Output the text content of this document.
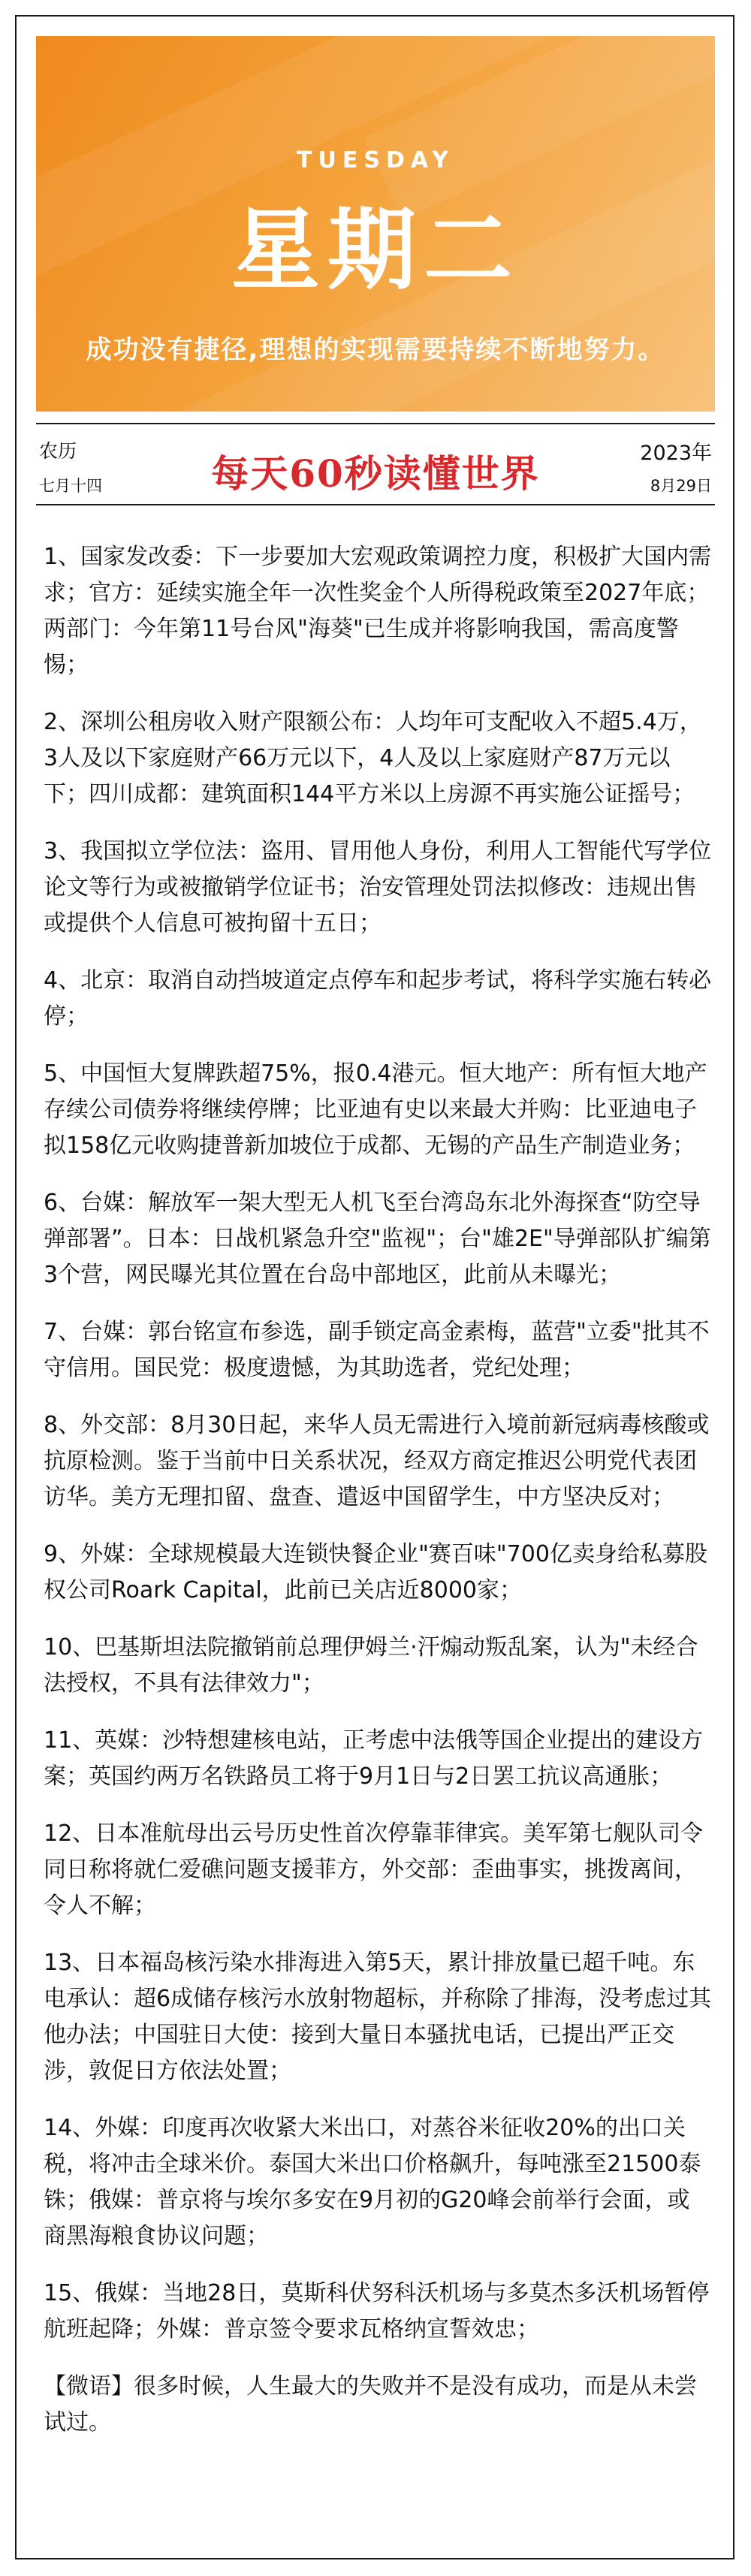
TUESDAY
星期二
成功没有捷径,理想的实现需要持续不断地努力。
农历
七月十四	每天60秒读懂世界	2023年
8月29日

1、国家发改委：下一步要加大宏观政策调控力度，积极扩大国内需求；官方：延续实施全年一次性奖金个人所得税政策至2027年底；两部门：今年第11号台风"海葵"已生成并将影响我国，需高度警惕；

2、深圳公租房收入财产限额公布：人均年可支配收入不超5.4万，3人及以下家庭财产66万元以下，4人及以上家庭财产87万元以下；四川成都：建筑面积144平方米以上房源不再实施公证摇号；

3、我国拟立学位法：盗用、冒用他人身份，利用人工智能代写学位论文等行为或被撤销学位证书；治安管理处罚法拟修改：违规出售或提供个人信息可被拘留十五日；

4、北京：取消自动挡坡道定点停车和起步考试，将科学实施右转必停；

5、中国恒大复牌跌超75%，报0.4港元。恒大地产：所有恒大地产存续公司债券将继续停牌；比亚迪有史以来最大并购：比亚迪电子拟158亿元收购捷普新加坡位于成都、无锡的产品生产制造业务；

6、台媒：解放军一架大型无人机飞至台湾岛东北外海探查“防空导弹部署”。日本：日战机紧急升空"监视"；台"雄2E"导弹部队扩编第3个营，网民曝光其位置在台岛中部地区，此前从未曝光；

7、台媒：郭台铭宣布参选，副手锁定高金素梅，蓝营"立委"批其不守信用。国民党：极度遗憾，为其助选者，党纪处理；

8、外交部：8月30日起，来华人员无需进行入境前新冠病毒核酸或抗原检测。鉴于当前中日关系状况，经双方商定推迟公明党代表团访华。美方无理扣留、盘查、遣返中国留学生，中方坚决反对；

9、外媒：全球规模最大连锁快餐企业"赛百味"700亿卖身给私募股权公司Roark Capital，此前已关店近8000家；

10、巴基斯坦法院撤销前总理伊姆兰·汗煽动叛乱案，认为"未经合法授权，不具有法律效力"；

11、英媒：沙特想建核电站，正考虑中法俄等国企业提出的建设方案；英国约两万名铁路员工将于9月1日与2日罢工抗议高通胀；

12、日本准航母出云号历史性首次停靠菲律宾。美军第七舰队司令同日称将就仁爱礁问题支援菲方，外交部：歪曲事实，挑拨离间，令人不解；

13、日本福岛核污染水排海进入第5天，累计排放量已超千吨。东电承认：超6成储存核污水放射物超标，并称除了排海，没考虑过其他办法；中国驻日大使：接到大量日本骚扰电话，已提出严正交涉，敦促日方依法处置；

14、外媒：印度再次收紧大米出口，对蒸谷米征收20%的出口关税，将冲击全球米价。泰国大米出口价格飙升，每吨涨至21500泰铢；俄媒：普京将与埃尔多安在9月初的G20峰会前举行会面，或商黑海粮食协议问题；

15、俄媒：当地28日，莫斯科伏努科沃机场与多莫杰多沃机场暂停航班起降；外媒：普京签令要求瓦格纳宣誓效忠；

【微语】很多时候，人生最大的失败并不是没有成功，而是从未尝试过。
